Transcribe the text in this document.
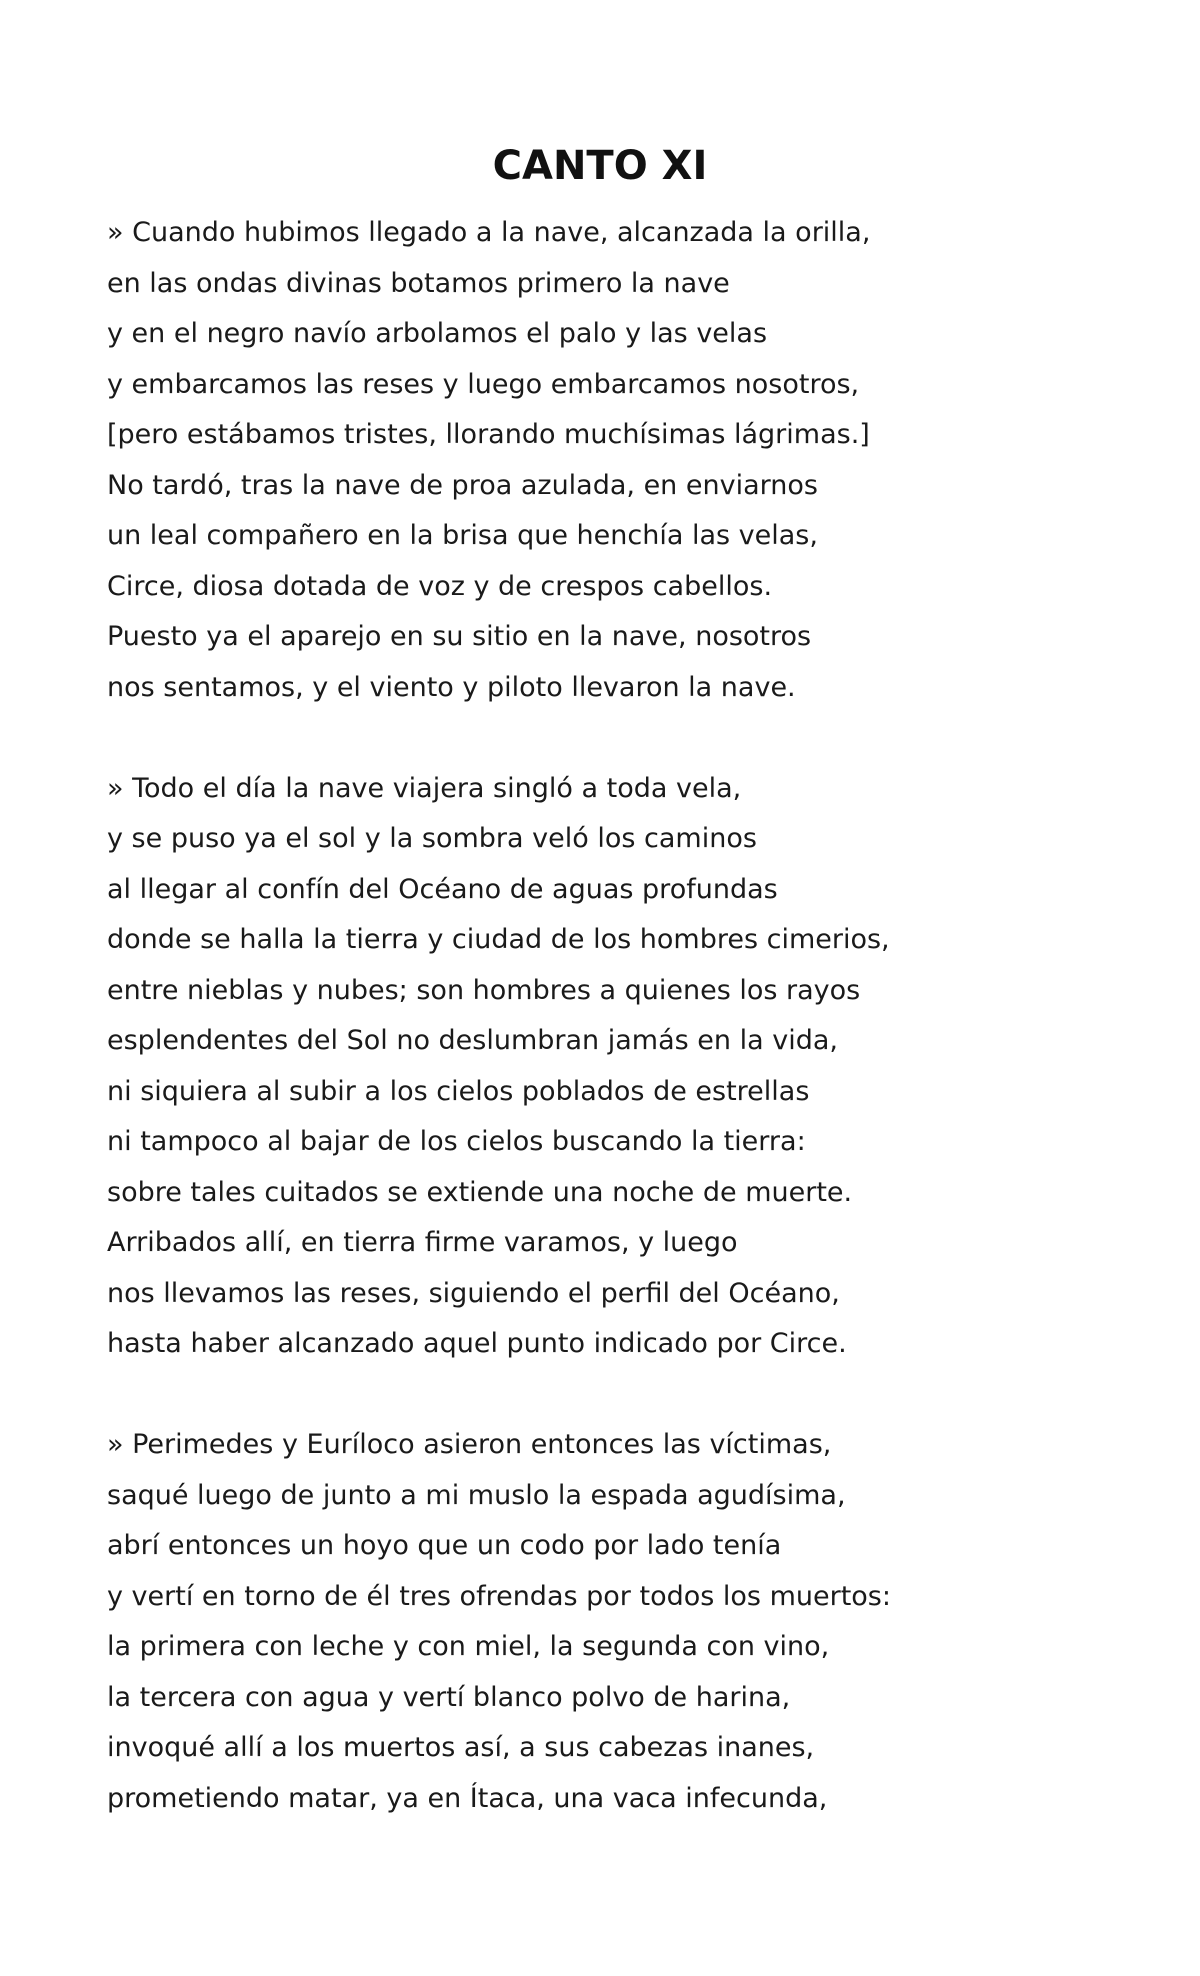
CANTO XI
» Cuando hubimos llegado a la nave, alcanzada la orilla,
en las ondas divinas botamos primero la nave
y en el negro navío arbolamos el palo y las velas
y embarcamos las reses y luego embarcamos nosotros,
[pero estábamos tristes, llorando muchísimas lágrimas.]
No tardó, tras la nave de proa azulada, en enviarnos
un leal compañero en la brisa que henchía las velas,
Circe, diosa dotada de voz y de crespos cabellos.
Puesto ya el aparejo en su sitio en la nave, nosotros
nos sentamos, y el viento y piloto llevaron la nave.
» Todo el día la nave viajera singló a toda vela,
y se puso ya el sol y la sombra veló los caminos
al llegar al confín del Océano de aguas profundas
donde se halla la tierra y ciudad de los hombres cimerios,
entre nieblas y nubes; son hombres a quienes los rayos
esplendentes del Sol no deslumbran jamás en la vida,
ni siquiera al subir a los cielos poblados de estrellas
ni tampoco al bajar de los cielos buscando la tierra:
sobre tales cuitados se extiende una noche de muerte.
Arribados allí, en tierra firme varamos, y luego
nos llevamos las reses, siguiendo el perfil del Océano,
hasta haber alcanzado aquel punto indicado por Circe.
» Perimedes y Euríloco asieron entonces las víctimas,
saqué luego de junto a mi muslo la espada agudísima,
abrí entonces un hoyo que un codo por lado tenía
y vertí en torno de él tres ofrendas por todos los muertos:
la primera con leche y con miel, la segunda con vino,
la tercera con agua y vertí blanco polvo de harina,
invoqué allí a los muertos así, a sus cabezas inanes,
prometiendo matar, ya en Ítaca, una vaca infecunda,
